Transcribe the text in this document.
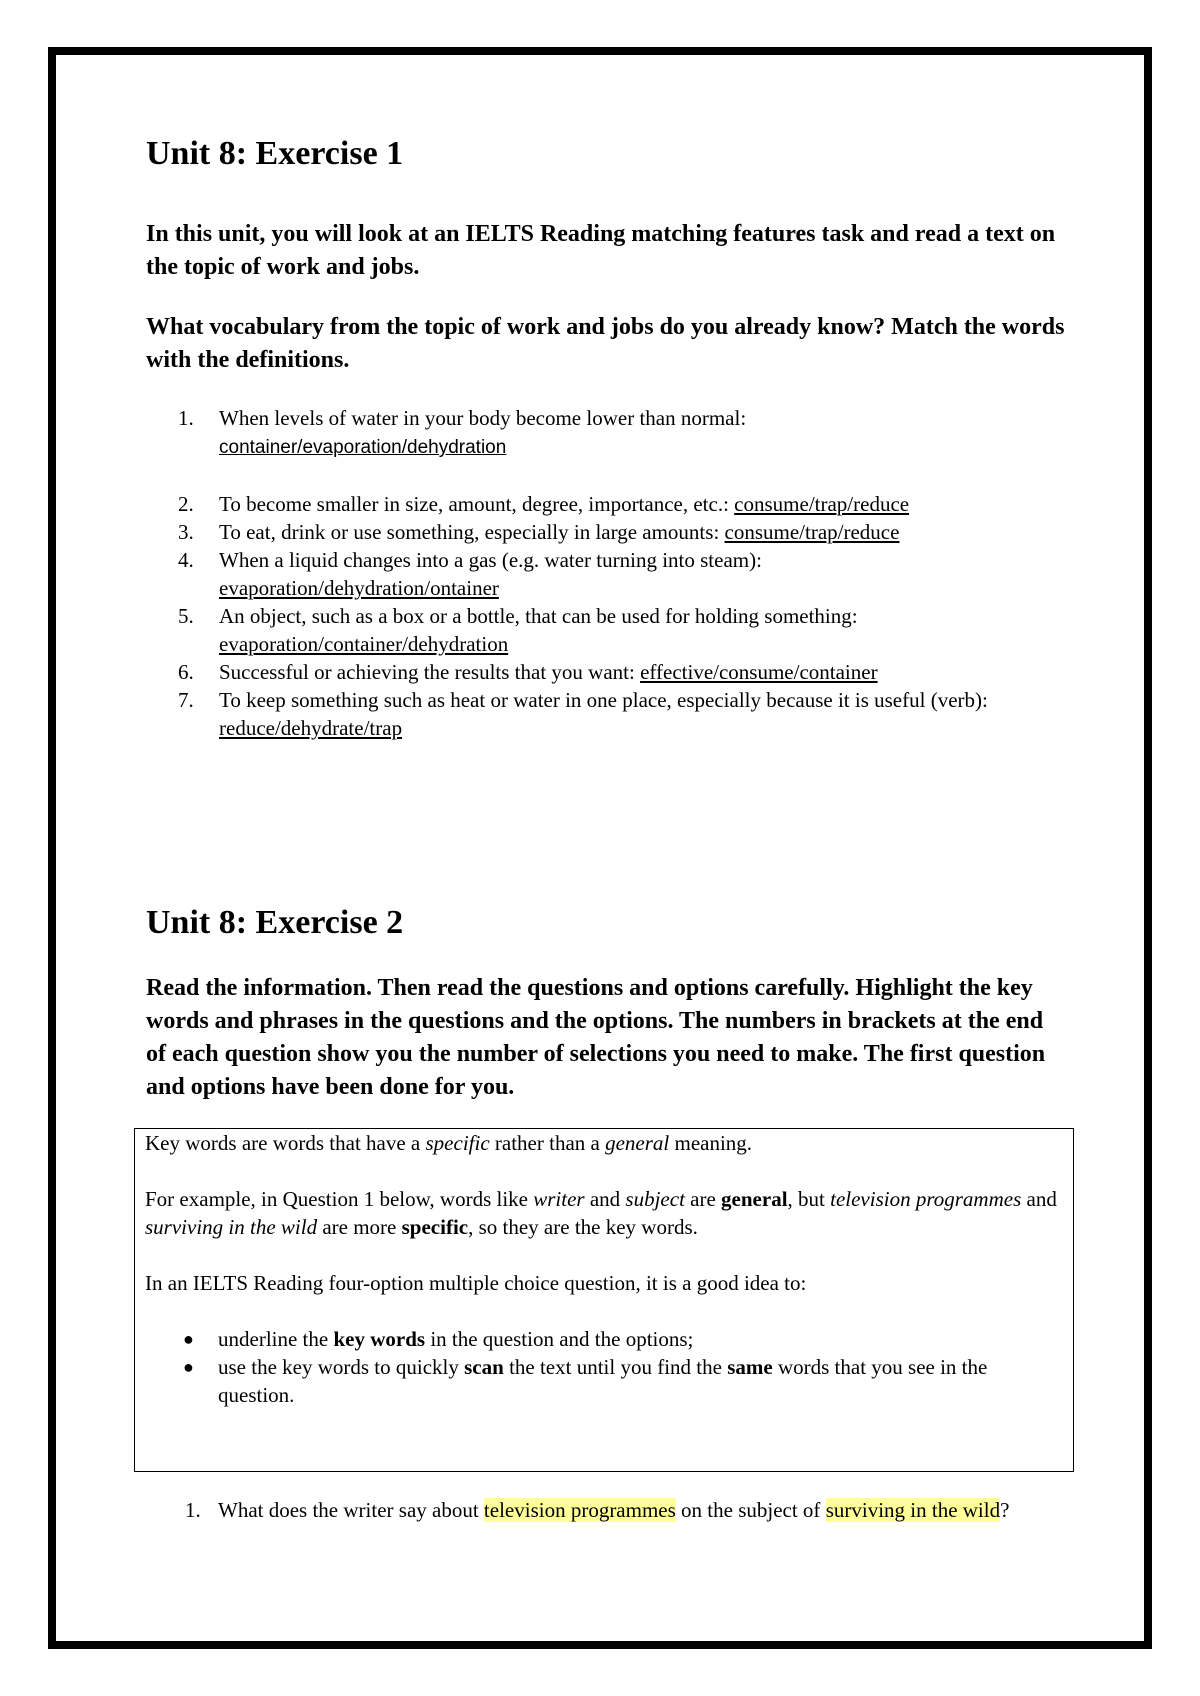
Unit 8: Exercise 1

In this unit, you will look at an IELTS Reading matching features task and read a text on the topic of work and jobs.

What vocabulary from the topic of work and jobs do you already know? Match the words with the definitions.

1. When levels of water in your body become lower than normal:
container/evaporation/dehydration
2. To become smaller in size, amount, degree, importance, etc.: consume/trap/reduce
3. To eat, drink or use something, especially in large amounts: consume/trap/reduce
4. When a liquid changes into a gas (e.g. water turning into steam):
evaporation/dehydration/ontainer
5. An object, such as a box or a bottle, that can be used for holding something:
evaporation/container/dehydration
6. Successful or achieving the results that you want: effective/consume/container
7. To keep something such as heat or water in one place, especially because it is useful (verb): reduce/dehydrate/trap
Unit 8: Exercise 2

Read the information. Then read the questions and options carefully. Highlight the key words and phrases in the questions and the options. The numbers in brackets at the end of each question show you the number of selections you need to make. The first question and options have been done for you.

Key words are words that have a specific rather than a general meaning.

For example, in Question 1 below, words like writer and subject are general, but television programmes and surviving in the wild are more specific, so they are the key words.

In an IELTS Reading four-option multiple choice question, it is a good idea to:

● underline the key words in the question and the options;
● use the key words to quickly scan the text until you find the same words that you see in the question.
1. What does the writer say about television programmes on the subject of surviving in the wild?
